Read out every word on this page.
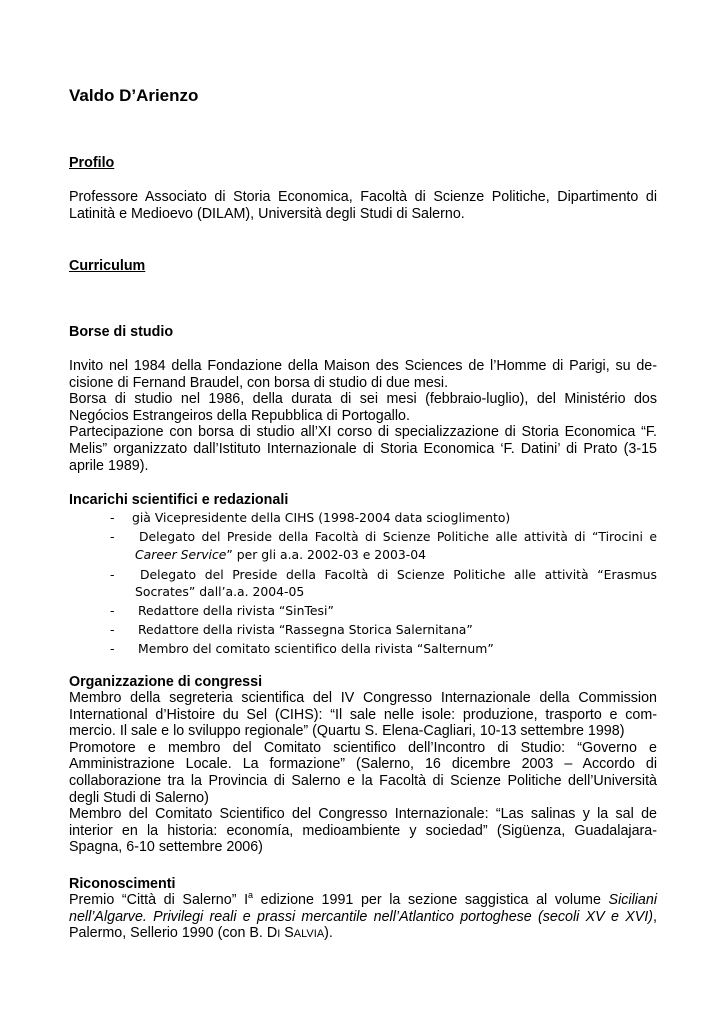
Valdo D’Arienzo
Profilo
Professore Associato di Storia Economica, Facoltà di Scienze Politiche, Dipartimento di
Latinità e Medioevo (DILAM), Università degli Studi di Salerno.
Curriculum
Borse di studio
Invito nel 1984 della Fondazione della Maison des Sciences de l’Homme di Parigi, su de-
cisione di Fernand Braudel, con borsa di studio di due mesi.
Borsa di studio nel 1986, della durata di sei mesi (febbraio-luglio), del Ministério dos
Negócios Estrangeiros della Repubblica di Portogallo.
Partecipazione con borsa di studio all’XI corso di specializzazione di Storia Economica “F.
Melis” organizzato dall’Istituto Internazionale di Storia Economica ‘F. Datini’ di Prato (3-15
aprile 1989).
Incarichi scientifici e redazionali
- già Vicepresidente della CIHS (1998-2004 data scioglimento)
- Delegato del Preside della Facoltà di Scienze Politiche alle attività di “Tirocini e
Career Service” per gli a.a. 2002-03 e 2003-04
- Delegato del Preside della Facoltà di Scienze Politiche alle attività “Erasmus
Socrates” dall’a.a. 2004-05
- Redattore della rivista “SinTesi”
- Redattore della rivista “Rassegna Storica Salernitana”
- Membro del comitato scientifico della rivista “Salternum”
Organizzazione di congressi
Membro della segreteria scientifica del IV Congresso Internazionale della Commission
International d’Histoire du Sel (CIHS): “Il sale nelle isole: produzione, trasporto e com-
mercio. Il sale e lo sviluppo regionale” (Quartu S. Elena-Cagliari, 10-13 settembre 1998)
Promotore e membro del Comitato scientifico dell’Incontro di Studio: “Governo e
Amministrazione Locale. La formazione” (Salerno, 16 dicembre 2003 – Accordo di
collaborazione tra la Provincia di Salerno e la Facoltà di Scienze Politiche dell’Università
degli Studi di Salerno)
Membro del Comitato Scientifico del Congresso Internazionale: “Las salinas y la sal de
interior en la historia: economía, medioambiente y sociedad” (Sigüenza, Guadalajara-
Spagna, 6-10 settembre 2006)
Riconoscimenti
Premio “Città di Salerno” $I^a$ edizione 1991 per la sezione saggistica al volume Siciliani
nell’Algarve. Privilegi reali e prassi mercantile nell’Atlantico portoghese (secoli XV e XVI),
Palermo, Sellerio 1990 (con B. DI SALVIA).
